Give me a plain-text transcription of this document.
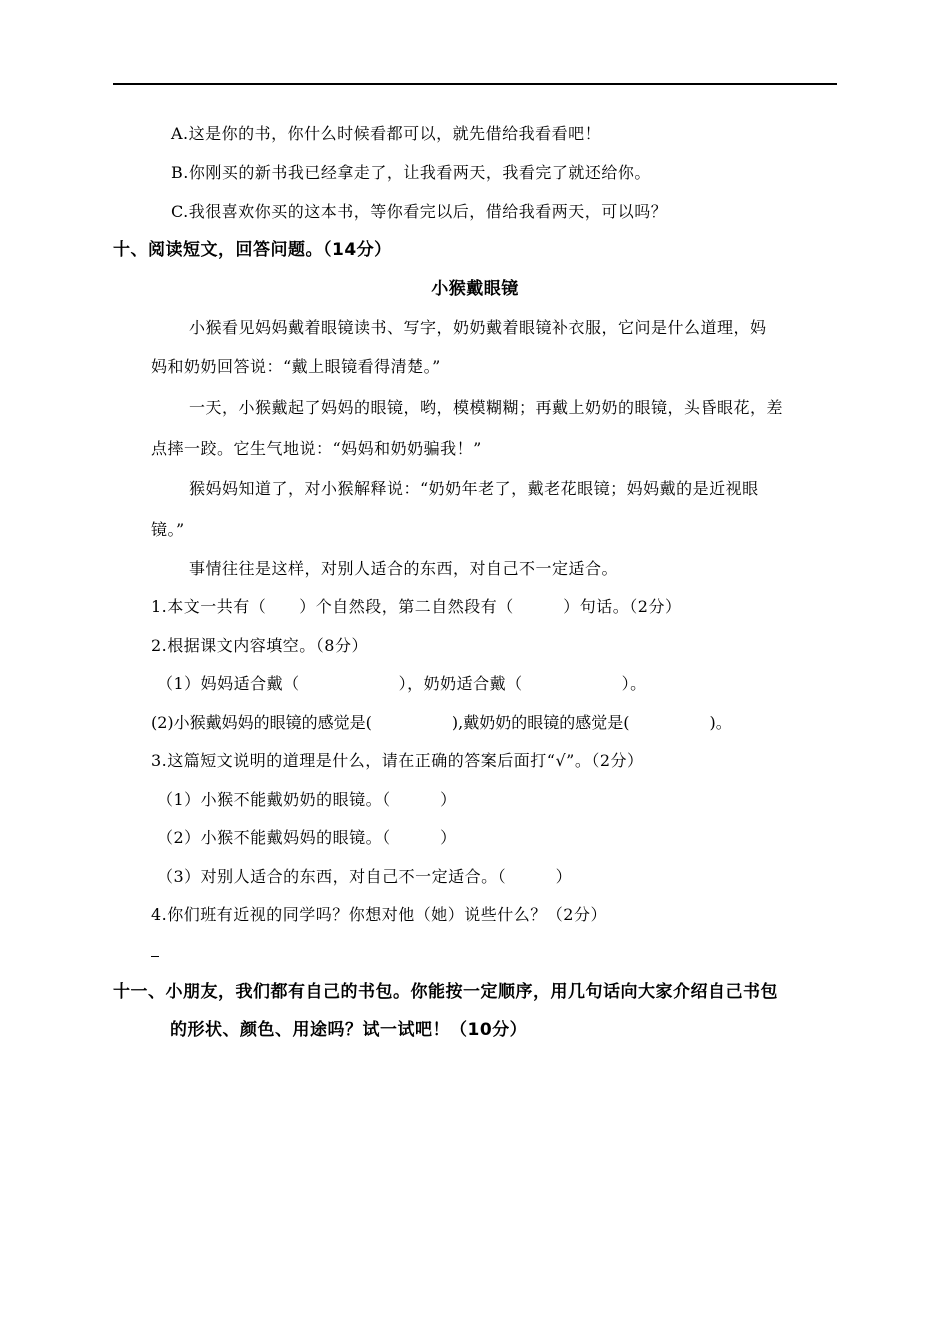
A.这是你的书，你什么时候看都可以，就先借给我看看吧！
B.你刚买的新书我已经拿走了，让我看两天，我看完了就还给你。
C.我很喜欢你买的这本书，等你看完以后，借给我看两天，可以吗？
十、阅读短文，回答问题。（14分）
小猴戴眼镜
小猴看见妈妈戴着眼镜读书、写字，奶奶戴着眼镜补衣服，它问是什么道理，妈
妈和奶奶回答说：“戴上眼镜看得清楚。”
一天，小猴戴起了妈妈的眼镜，哟，模模糊糊；再戴上奶奶的眼镜，头昏眼花，差
点摔一跤。它生气地说：“妈妈和奶奶骗我！”
猴妈妈知道了，对小猴解释说：“奶奶年老了，戴老花眼镜；妈妈戴的是近视眼
镜。”
事情往往是这样，对别人适合的东西，对自己不一定适合。
1.本文一共有（　　）个自然段，第二自然段有（　　　）句话。（2分）
2.根据课文内容填空。（8分）
（1）妈妈适合戴（　　　　　　），奶奶适合戴（　　　　　　）。
(2)小猴戴妈妈的眼镜的感觉是(　　　　　),戴奶奶的眼镜的感觉是(　　　　　)。
3.这篇短文说明的道理是什么，请在正确的答案后面打“√”。（2分）
（1）小猴不能戴奶奶的眼镜。（　　　）
（2）小猴不能戴妈妈的眼镜。（　　　）
（3）对别人适合的东西，对自己不一定适合。（　　　）
4.你们班有近视的同学吗？你想对他（她）说些什么？（2分）
十一、小朋友，我们都有自己的书包。你能按一定顺序，用几句话向大家介绍自己书包
的形状、颜色、用途吗？试一试吧！（10分）
